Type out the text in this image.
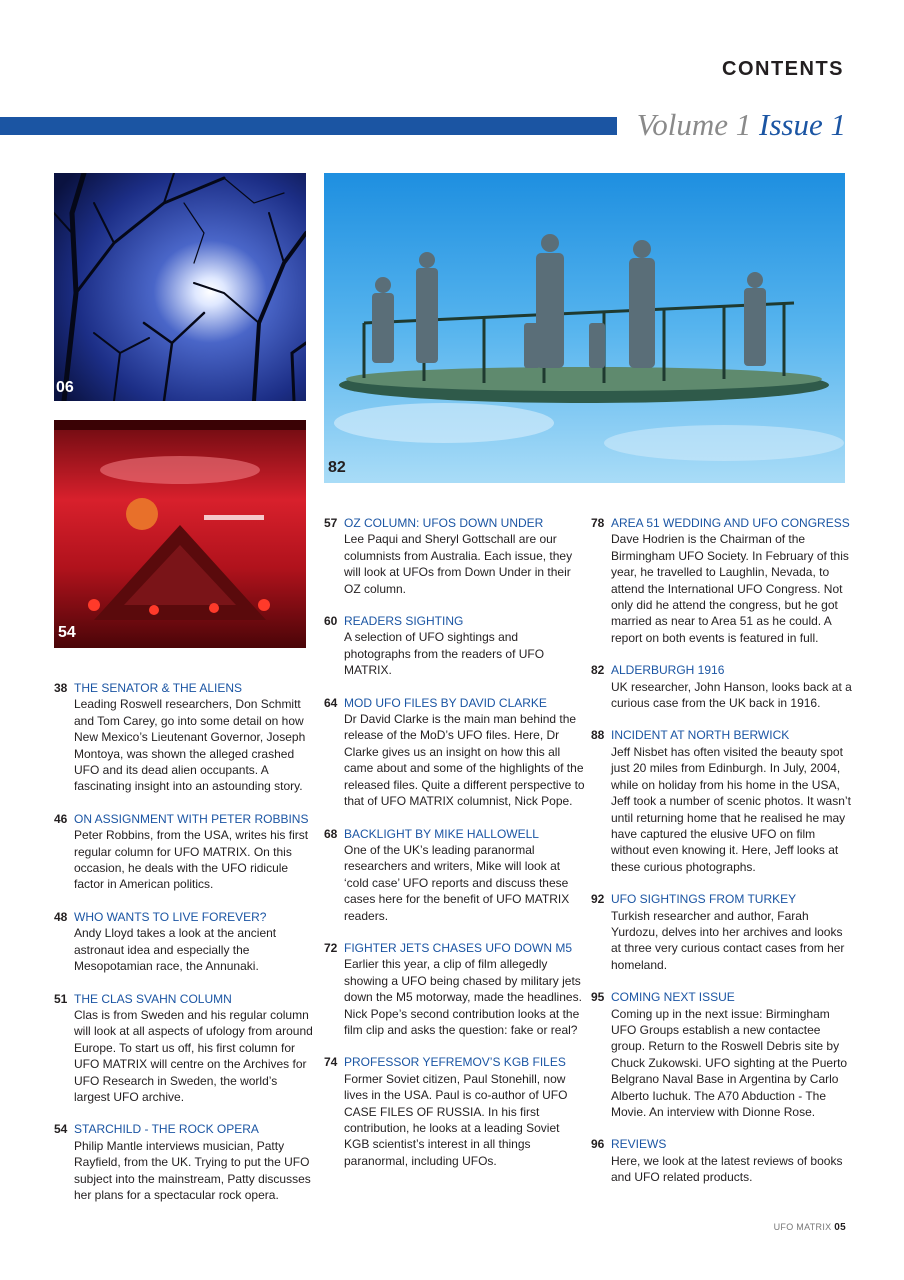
CONTENTS
Volume 1 Issue 1
06
54
82
38 THE SENATOR & THE ALIENS
Leading Roswell researchers, Don Schmitt and Tom Carey, go into some detail on how New Mexico’s Lieutenant Governor, Joseph Montoya, was shown the alleged crashed UFO and its dead alien occupants. A fascinating insight into an astounding story.
46 ON ASSIGNMENT WITH PETER ROBBINS
Peter Robbins, from the USA, writes his first regular column for UFO MATRIX. On this occasion, he deals with the UFO ridicule factor in American politics.
48 WHO WANTS TO LIVE FOREVER?
Andy Lloyd takes a look at the ancient astronaut idea and especially the Mesopotamian race, the Annunaki.
51 THE CLAS SVAHN COLUMN
Clas is from Sweden and his regular column will look at all aspects of ufology from around Europe. To start us off, his first column for UFO MATRIX will centre on the Archives for UFO Research in Sweden, the world’s largest UFO archive.
54 STARCHILD - THE ROCK OPERA
Philip Mantle interviews musician, Patty Rayfield, from the UK. Trying to put the UFO subject into the mainstream, Patty discusses her plans for a spectacular rock opera.
57 OZ COLUMN: UFOS DOWN UNDER
Lee Paqui and Sheryl Gottschall are our columnists from Australia. Each issue, they will look at UFOs from Down Under in their OZ column.
60 READERS SIGHTING
A selection of UFO sightings and photographs from the readers of UFO MATRIX.
64 MOD UFO FILES BY DAVID CLARKE
Dr David Clarke is the main man behind the release of the MoD’s UFO files. Here, Dr Clarke gives us an insight on how this all came about and some of the highlights of the released files. Quite a different perspective to that of UFO MATRIX columnist, Nick Pope.
68 BACKLIGHT BY MIKE HALLOWELL
One of the UK’s leading paranormal researchers and writers, Mike will look at ‘cold case’ UFO reports and discuss these cases here for the benefit of UFO MATRIX readers.
72 FIGHTER JETS CHASES UFO DOWN M5
Earlier this year, a clip of film allegedly showing a UFO being chased by military jets down the M5 motorway, made the headlines. Nick Pope’s second contribution looks at the film clip and asks the question: fake or real?
74 PROFESSOR YEFREMOV’S KGB FILES
Former Soviet citizen, Paul Stonehill, now lives in the USA. Paul is co-author of UFO CASE FILES OF RUSSIA. In his first contribution, he looks at a leading Soviet KGB scientist’s interest in all things paranormal, including UFOs.
78 AREA 51 WEDDING AND UFO CONGRESS
Dave Hodrien is the Chairman of the Birmingham UFO Society. In February of this year, he travelled to Laughlin, Nevada, to attend the International UFO Congress. Not only did he attend the congress, but he got married as near to Area 51 as he could. A report on both events is featured in full.
82 ALDERBURGH 1916
UK researcher, John Hanson, looks back at a curious case from the UK back in 1916.
88 INCIDENT AT NORTH BERWICK
Jeff Nisbet has often visited the beauty spot just 20 miles from Edinburgh. In July, 2004, while on holiday from his home in the USA, Jeff took a number of scenic photos. It wasn’t until returning home that he realised he may have captured the elusive UFO on film without even knowing it. Here, Jeff looks at these curious photographs.
92 UFO SIGHTINGS FROM TURKEY
Turkish researcher and author, Farah Yurdozu, delves into her archives and looks at three very curious contact cases from her homeland.
95 COMING NEXT ISSUE
Coming up in the next issue: Birmingham UFO Groups establish a new contactee group. Return to the Roswell Debris site by Chuck Zukowski. UFO sighting at the Puerto Belgrano Naval Base in Argentina by Carlo Alberto Iuchuk. The A70 Abduction - The Movie. An interview with Dionne Rose.
96 REVIEWS
Here, we look at the latest reviews of books and UFO related products.
UFO MATRIX 05
